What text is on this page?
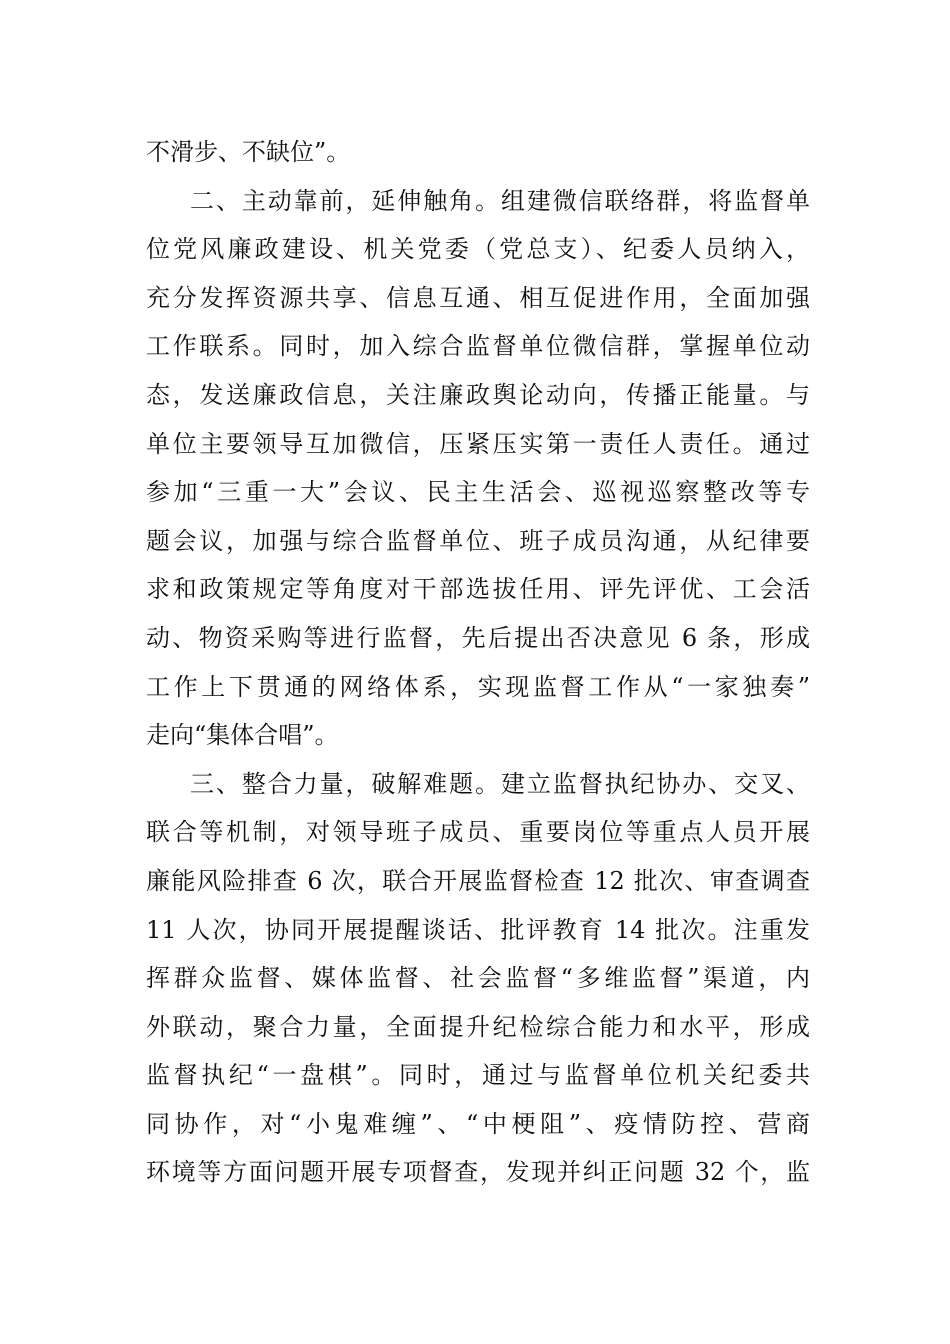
不滑步、不缺位”。
二、主动靠前，延伸触角。组建微信联络群，将监督单
位党风廉政建设、机关党委（党总支）、纪委人员纳入，
充分发挥资源共享、信息互通、相互促进作用，全面加强
工作联系。同时，加入综合监督单位微信群，掌握单位动
态，发送廉政信息，关注廉政舆论动向，传播正能量。与
单位主要领导互加微信，压紧压实第一责任人责任。通过
参加“三重一大”会议、民主生活会、巡视巡察整改等专
题会议，加强与综合监督单位、班子成员沟通，从纪律要
求和政策规定等角度对干部选拔任用、评先评优、工会活
动、物资采购等进行监督，先后提出否决意见 6 条，形成
工作上下贯通的网络体系，实现监督工作从“一家独奏”
走向“集体合唱”。
三、整合力量，破解难题。建立监督执纪协办、交叉、
联合等机制，对领导班子成员、重要岗位等重点人员开展
廉能风险排查 6 次，联合开展监督检查 12 批次、审查调查
11 人次，协同开展提醒谈话、批评教育 14 批次。注重发
挥群众监督、媒体监督、社会监督“多维监督”渠道，内
外联动，聚合力量，全面提升纪检综合能力和水平，形成
监督执纪“一盘棋”。同时，通过与监督单位机关纪委共
同协作，对“小鬼难缠”、“中梗阻”、疫情防控、营商
环境等方面问题开展专项督查，发现并纠正问题 32 个，监
